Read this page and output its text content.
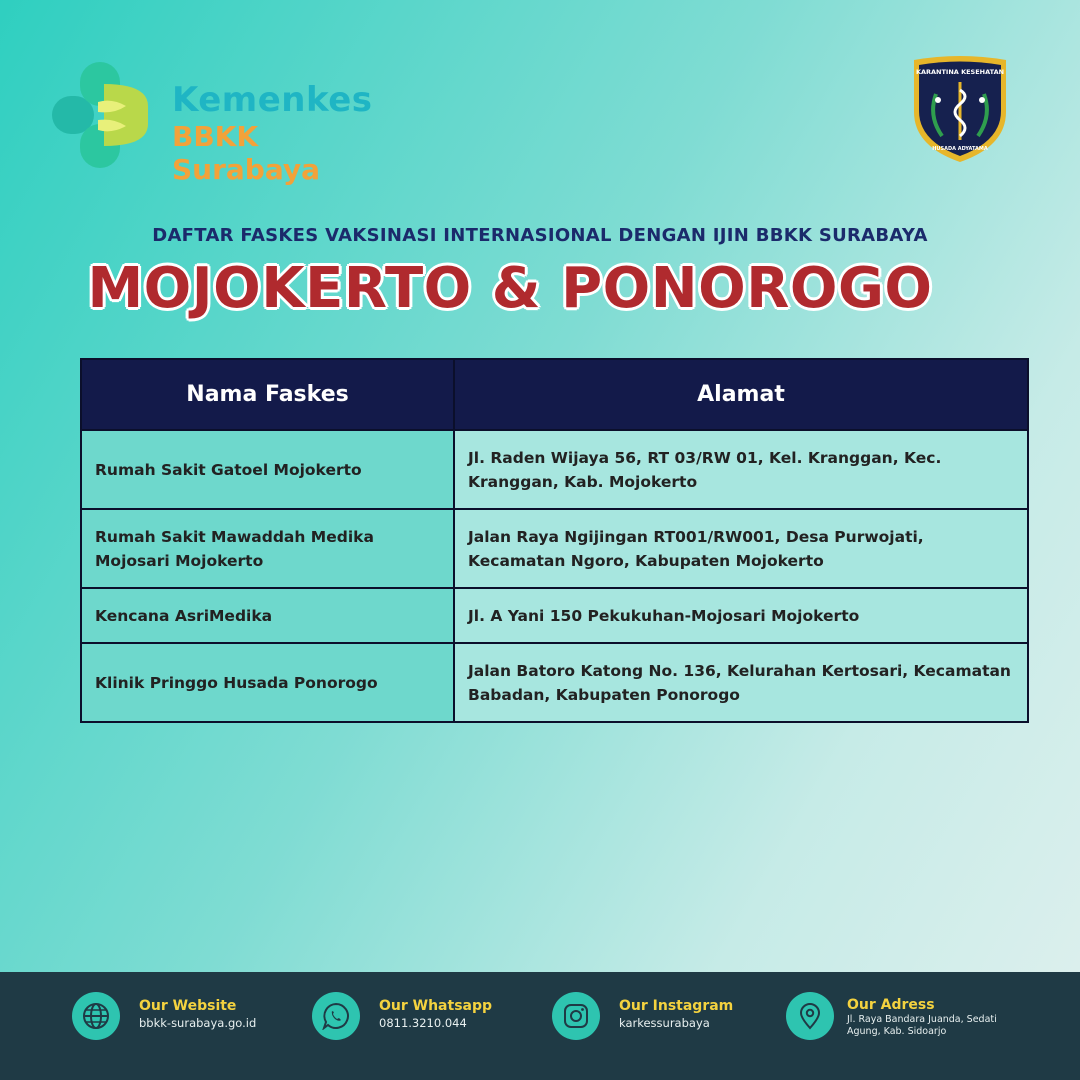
Kemenkes
BBKK Surabaya
KARANTINA KESEHATAN
HUSADA ADYATAMA
DAFTAR FASKES VAKSINASI INTERNASIONAL DENGAN IJIN BBKK SURABAYA
MOJOKERTO & PONOROGO
Nama Faskes	Alamat
Rumah Sakit Gatoel Mojokerto	Jl. Raden Wijaya 56, RT 03/RW 01, Kel. Kranggan, Kec. Kranggan, Kab. Mojokerto
Rumah Sakit Mawaddah Medika Mojosari Mojokerto	Jalan Raya Ngijingan RT001/RW001, Desa Purwojati, Kecamatan Ngoro, Kabupaten Mojokerto
Kencana AsriMedika	Jl. A Yani 150 Pekukuhan-Mojosari Mojokerto
Klinik Pringgo Husada Ponorogo	Jalan Batoro Katong No. 136, Kelurahan Kertosari, Kecamatan Babadan, Kabupaten Ponorogo
Our Website
bbkk-surabaya.go.id
Our Whatsapp
0811.3210.044
Our Instagram
karkessurabaya
Our Adress
Jl. Raya Bandara Juanda, Sedati Agung, Kab. Sidoarjo
